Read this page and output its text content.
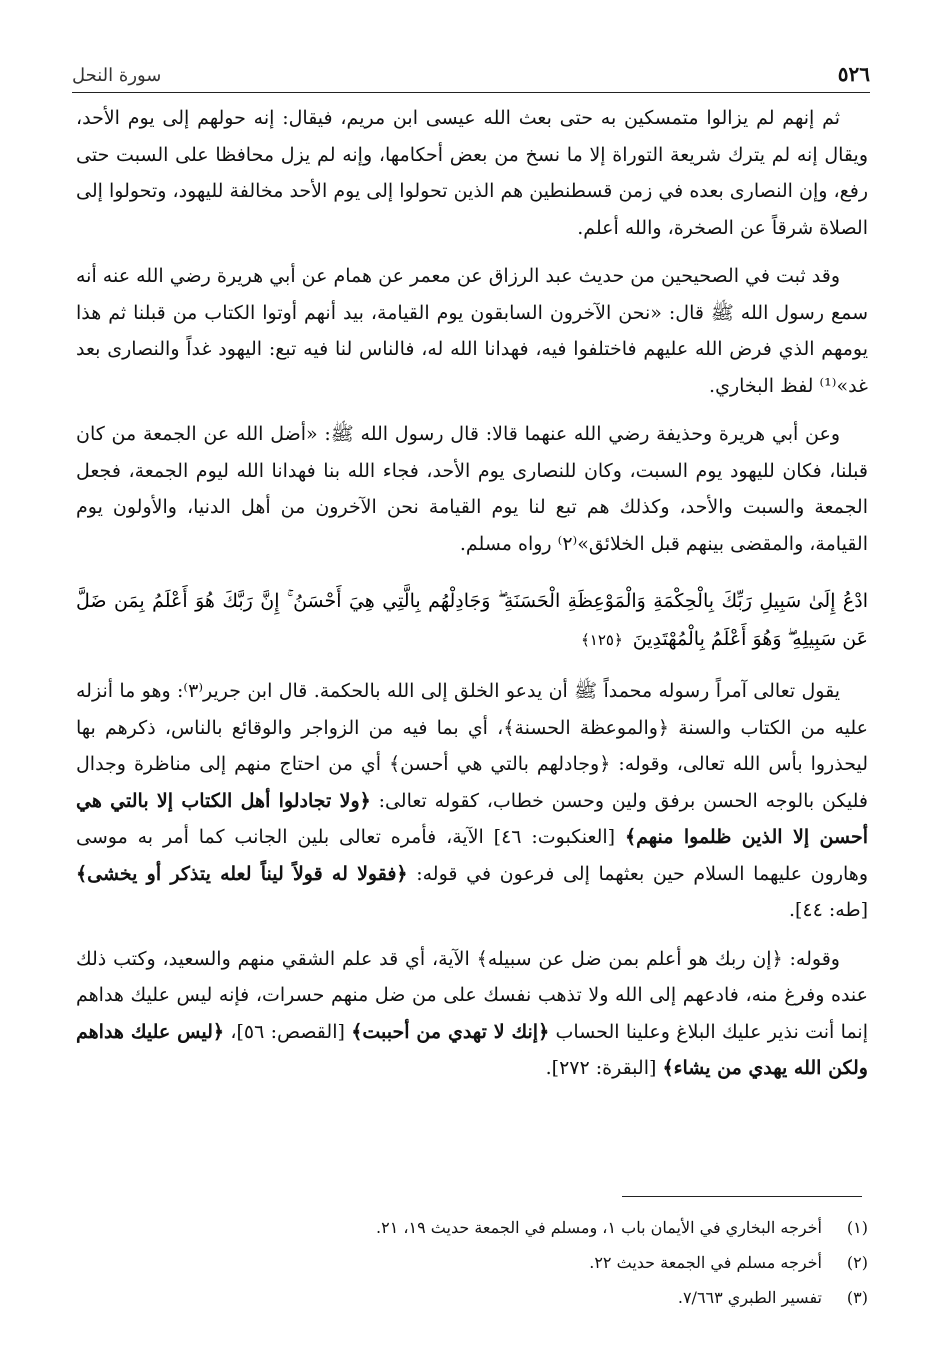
٥٢٦
سورة النحل

ثم إنهم لم يزالوا متمسكين به حتى بعث الله عيسى ابن مريم، فيقال: إنه حولهم إلى يوم الأحد، ويقال إنه لم يترك شريعة التوراة إلا ما نسخ من بعض أحكامها، وإنه لم يزل محافظا على السبت حتى رفع، وإن النصارى بعده في زمن قسطنطين هم الذين تحولوا إلى يوم الأحد مخالفة لليهود، وتحولوا إلى الصلاة شرقاً عن الصخرة، والله أعلم.

وقد ثبت في الصحيحين من حديث عبد الرزاق عن معمر عن همام عن أبي هريرة رضي الله عنه أنه سمع رسول الله ﷺ قال: «نحن الآخرون السابقون يوم القيامة، بيد أنهم أوتوا الكتاب من قبلنا ثم هذا يومهم الذي فرض الله عليهم فاختلفوا فيه، فهدانا الله له، فالناس لنا فيه تبع: اليهود غداً والنصارى بعد غد»⁽¹⁾ لفظ البخاري.

وعن أبي هريرة وحذيفة رضي الله عنهما قالا: قال رسول الله ﷺ: «أضل الله عن الجمعة من كان قبلنا، فكان لليهود يوم السبت، وكان للنصارى يوم الأحد، فجاء الله بنا فهدانا الله ليوم الجمعة، فجعل الجمعة والسبت والأحد، وكذلك هم تبع لنا يوم القيامة نحن الآخرون من أهل الدنيا، والأولون يوم القيامة، والمقضى بينهم قبل الخلائق»⁽٢⁾ رواه مسلم.

ادْعُ إِلَىٰ سَبِيلِ رَبِّكَ بِالْحِكْمَةِ وَالْمَوْعِظَةِ الْحَسَنَةِ ۖ وَجَادِلْهُم بِالَّتِي هِيَ أَحْسَنُ ۚ إِنَّ رَبَّكَ هُوَ أَعْلَمُ بِمَن ضَلَّ عَن سَبِيلِهِ ۖ وَهُوَ أَعْلَمُ بِالْمُهْتَدِينَ ﴿١٢٥﴾

يقول تعالى آمراً رسوله محمداً ﷺ أن يدعو الخلق إلى الله بالحكمة. قال ابن جرير⁽٣⁾: وهو ما أنزله عليه من الكتاب والسنة ﴿والموعظة الحسنة﴾، أي بما فيه من الزواجر والوقائع بالناس، ذكرهم بها ليحذروا بأس الله تعالى، وقوله: ﴿وجادلهم بالتي هي أحسن﴾ أي من احتاج منهم إلى مناظرة وجدال فليكن بالوجه الحسن برفق ولين وحسن خطاب، كقوله تعالى: ﴿ولا تجادلوا أهل الكتاب إلا بالتي هي أحسن إلا الذين ظلموا منهم﴾ [العنكبوت: ٤٦] الآية، فأمره تعالى بلين الجانب كما أمر به موسى وهارون عليهما السلام حين بعثهما إلى فرعون في قوله: ﴿فقولا له قولاً ليناً لعله يتذكر أو يخشى﴾ [طه: ٤٤].

وقوله: ﴿إن ربك هو أعلم بمن ضل عن سبيله﴾ الآية، أي قد علم الشقي منهم والسعيد، وكتب ذلك عنده وفرغ منه، فادعهم إلى الله ولا تذهب نفسك على من ضل منهم حسرات، فإنه ليس عليك هداهم إنما أنت نذير عليك البلاغ وعلينا الحساب ﴿إنك لا تهدي من أحببت﴾ [القصص: ٥٦]، ﴿ليس عليك هداهم ولكن الله يهدي من يشاء﴾ [البقرة: ٢٧٢].

(١)
أخرجه البخاري في الأيمان باب ١، ومسلم في الجمعة حديث ١٩، ٢١.
(٢)
أخرجه مسلم في الجمعة حديث ٢٢.
(٣)
تفسير الطبري ٧/٦٦٣.
